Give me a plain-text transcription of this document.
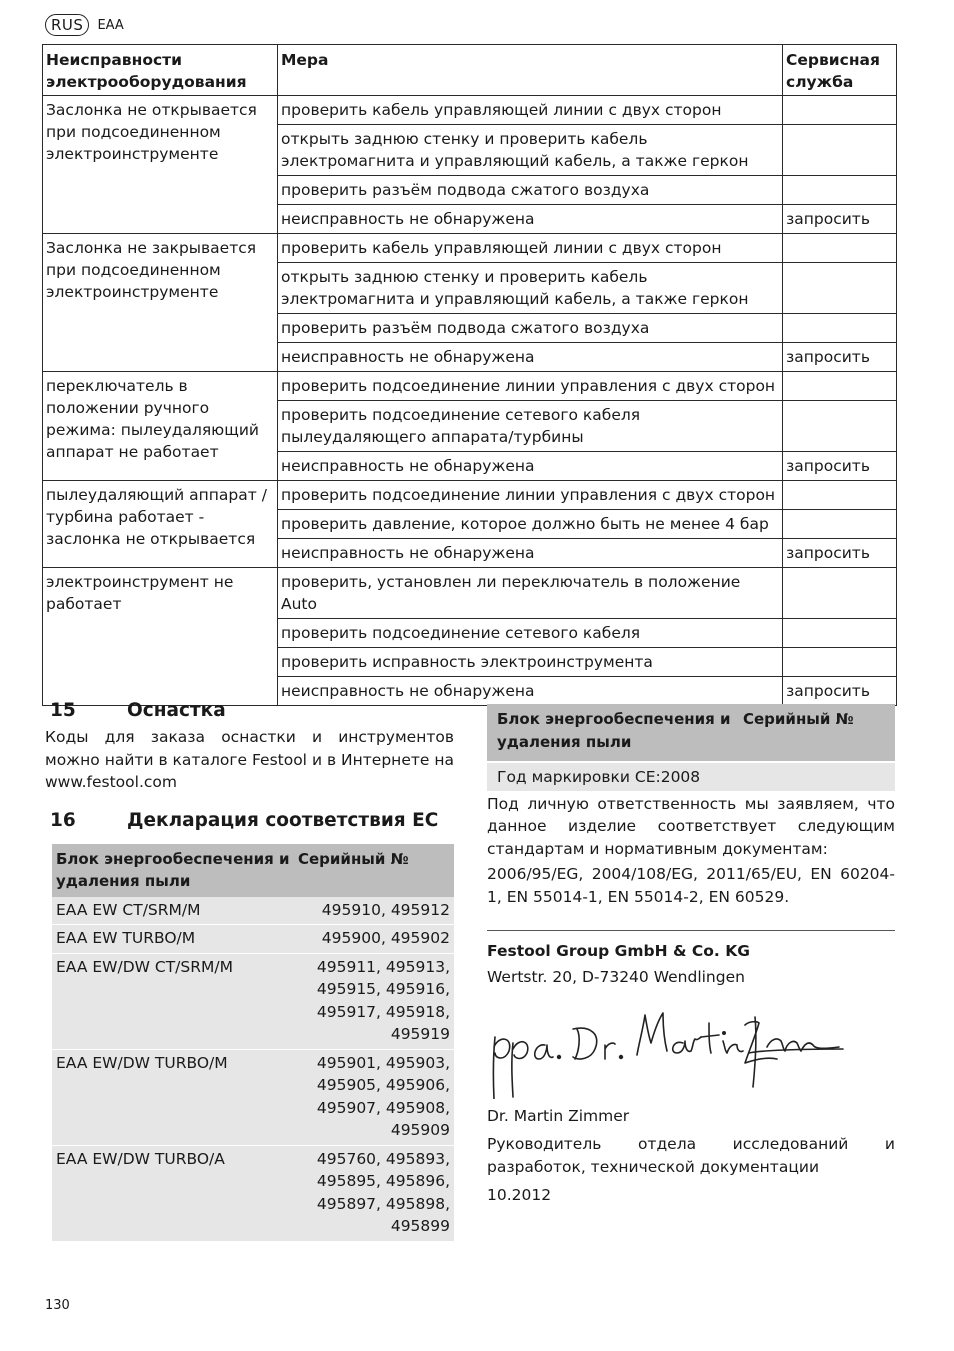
RUS	EAA
Неисправности электрооборудования	Мера	Сервисная служба
Заслонка не открывается при подсоединенном электроинструменте	проверить кабель управляющей линии с двух сторон	
	открыть заднюю стенку и проверить кабель электромагнита и управляющий кабель, а также геркон	
	проверить разъём подвода сжатого воздуха	
	неисправность не обнаружена	запросить
Заслонка не закрывается при подсоединенном электроинструменте	проверить кабель управляющей линии с двух сторон	
	открыть заднюю стенку и проверить кабель электромагнита и управляющий кабель, а также геркон	
	проверить разъём подвода сжатого воздуха	
	неисправность не обнаружена	запросить
переключатель в положении ручного режима: пылеудаляющий аппарат не работает	проверить подсоединение линии управления с двух сторон	
	проверить подсоединение сетевого кабеля пылеудаляющего аппарата/турбины	
	неисправность не обнаружена	запросить
пылеудаляющий аппарат / турбина работает - заслонка не открывается	проверить подсоединение линии управления с двух сторон	
	проверить давление, которое должно быть не менее 4 бар	
	неисправность не обнаружена	запросить
электроинструмент не работает	проверить, установлен ли переключатель в положение Auto	
	проверить подсоединение сетевого кабеля	
	проверить исправность электроинструмента	
	неисправность не обнаружена	запросить
15	Оснастка
Коды для заказа оснастки и инструментов можно найти в каталоге Festool и в Интернете на www.festool.com
16	Декларация соответствия ЕС
Блок энергообеспечения и удаления пыли	Серийный №
EAA EW CT/SRM/M	495910, 495912

EAA EW TURBO/M	495900, 495902

EAA EW/DW CT/SRM/M	495911, 495913,
495915, 495916,
495917, 495918,
495919

EAA EW/DW TURBO/M	495901, 495903,
495905, 495906,
495907, 495908,
495909

EAA EW/DW TURBO/A	495760, 495893,
495895, 495896,
495897, 495898,
495899
Блок энергообеспечения и удаления пыли
Серийный №
Год маркировки CE:2008
Под личную ответственность мы заявляем, что данное изделие соответствует следующим стандартам и нормативным документам:
2006/95/EG, 2004/108/EG, 2011/65/EU, EN 60204-1, EN 55014-1, EN 55014-2, EN 60529.
Festool Group GmbH & Co. KG
Wertstr. 20, D-73240 Wendlingen
Dr. Martin Zimmer
Руководитель отдела исследований и разработок, технической документации
10.2012
130
